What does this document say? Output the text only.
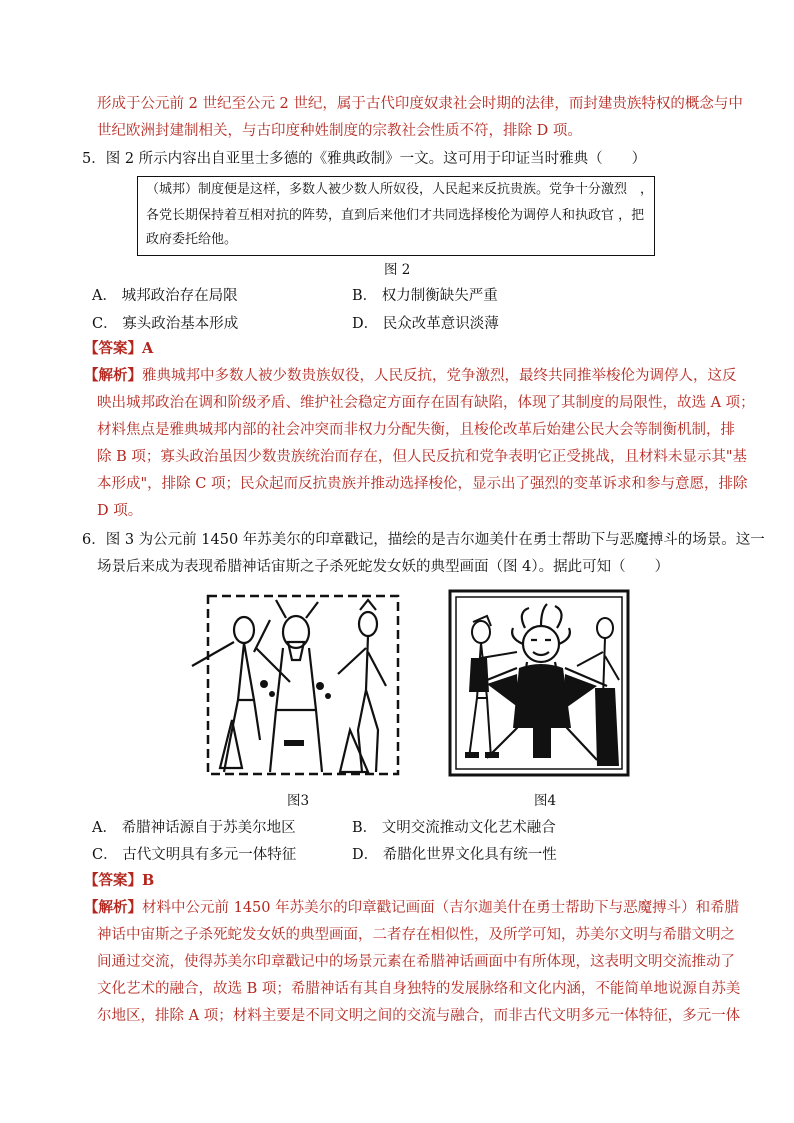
形成于公元前 2 世纪至公元 2 世纪，属于古代印度奴隶社会时期的法律，而封建贵族特权的概念与中
世纪欧洲封建制相关，与古印度种姓制度的宗教社会性质不符，排除 D 项。
5．图 2 所示内容出自亚里士多德的《雅典政制》一文。这可用于印证当时雅典（　　）
（城邦）制度便是这样，多数人被少数人所奴役，人民起来反抗贵族。党争十分激烈　，
各党长期保持着互相对抗的阵势，直到后来他们才共同选择梭伦为调停人和执政官 ，把
政府委托给他。
图 2
A． 城邦政治存在局限	B． 权力制衡缺失严重
C． 寡头政治基本形成	D． 民众改革意识淡薄
【答案】A
【解析】雅典城邦中多数人被少数贵族奴役，人民反抗，党争激烈，最终共同推举梭伦为调停人，这反
映出城邦政治在调和阶级矛盾、维护社会稳定方面存在固有缺陷，体现了其制度的局限性，故选 A 项；
材料焦点是雅典城邦内部的社会冲突而非权力分配失衡，且梭伦改革后始建公民大会等制衡机制，排
除 B 项；寡头政治虽因少数贵族统治而存在，但人民反抗和党争表明它正受挑战，且材料未显示其"基
本形成"，排除 C 项；民众起而反抗贵族并推动选择梭伦，显示出了强烈的变革诉求和参与意愿，排除
D 项。
6．图 3 为公元前 1450 年苏美尔的印章戳记，描绘的是吉尔迦美什在勇士帮助下与恶魔搏斗的场景。这一
场景后来成为表现希腊神话宙斯之子杀死蛇发女妖的典型画面（图 4）。据此可知（　　）
图3	图4
A． 希腊神话源自于苏美尔地区	B． 文明交流推动文化艺术融合
C． 古代文明具有多元一体特征	D． 希腊化世界文化具有统一性
【答案】B
【解析】材料中公元前 1450 年苏美尔的印章戳记画面（吉尔迦美什在勇士帮助下与恶魔搏斗）和希腊
神话中宙斯之子杀死蛇发女妖的典型画面，二者存在相似性，及所学可知，苏美尔文明与希腊文明之
间通过交流，使得苏美尔印章戳记中的场景元素在希腊神话画面中有所体现，这表明文明交流推动了
文化艺术的融合，故选 B 项；希腊神话有其自身独特的发展脉络和文化内涵，不能简单地说源自苏美
尔地区，排除 A 项；材料主要是不同文明之间的交流与融合，而非古代文明多元一体特征，多元一体
